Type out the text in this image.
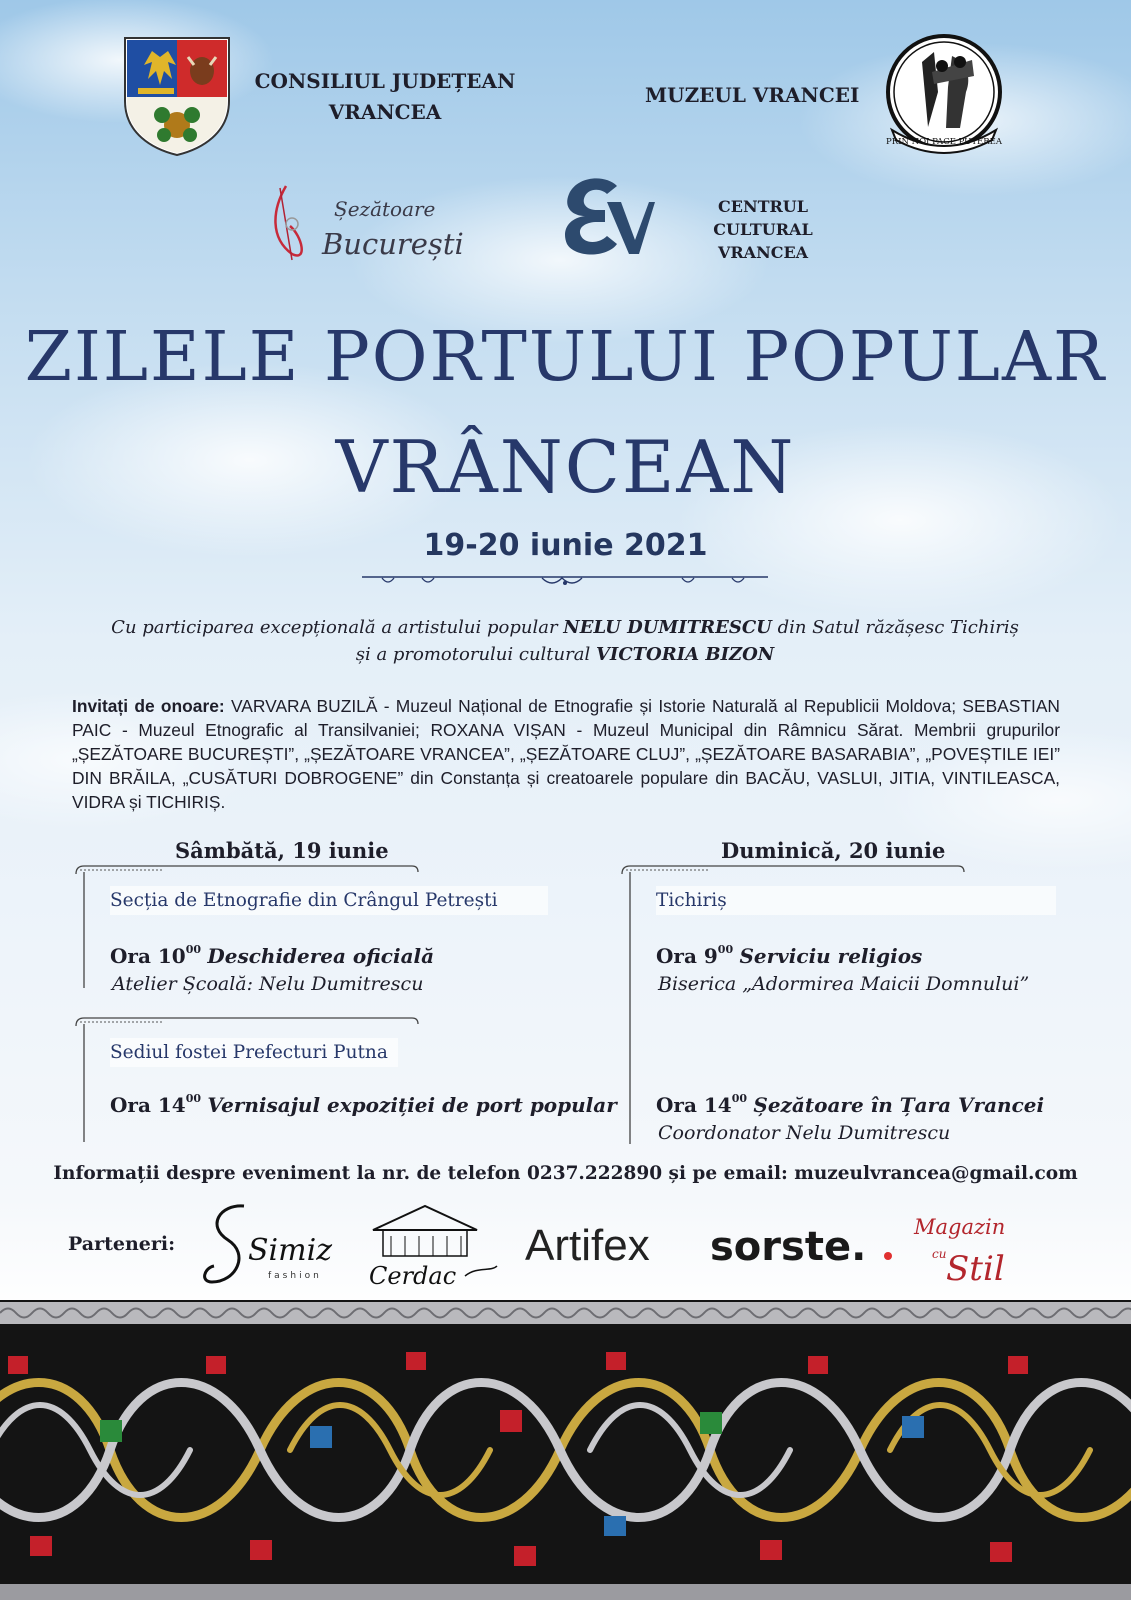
CONSILIUL JUDEȚEAN
VRANCEA
MUZEUL VRANCEI
PRIN NOI PACE PUTEREA
Șezătoare
București
CENTRUL CULTURAL
VRANCEA
ZILELE PORTULUI POPULAR
VRÂNCEAN
19-20 iunie 2021
Cu participarea excepțională a artistului popular NELU DUMITRESCU din Satul răzășesc Tichiriș
și a promotorului cultural VICTORIA BIZON
Invitați de onoare: VARVARA BUZILĂ - Muzeul Național de Etnografie și Istorie Naturală al Republicii Moldova; SEBASTIAN PAIC - Muzeul Etnografic al Transilvaniei; ROXANA VIȘAN - Muzeul Municipal din Râmnicu Sărat. Membrii grupurilor „ȘEZĂTOARE BUCUREȘTI”, „ȘEZĂTOARE VRANCEA”, „ȘEZĂTOARE CLUJ”, „ȘEZĂTOARE BASARABIA”, „POVEȘTILE IEI” DIN BRĂILA, „CUSĂTURI DOBROGENE” din Constanța și creatoarele populare din BACĂU, VASLUI, JITIA, VINTILEASCA, VIDRA și TICHIRIȘ.
Sâmbătă, 19 iunie
Secția de Etnografie din Crângul Petrești
Ora $10^{00}$ Deschiderea oficială
Atelier Școală: Nelu Dumitrescu
Sediul fostei Prefecturi Putna
Ora $14^{00}$ Vernisajul expoziției de port popular
Duminică, 20 iunie
Tichiriș
Ora $9^{00}$ Serviciu religios
Biserica „Adormirea Maicii Domnului”
Ora $14^{00}$ Șezătoare în Țara Vrancei
Coordonator Nelu Dumitrescu
Informații despre eveniment la nr. de telefon 0237.222890 și pe email: muzeulvrancea@gmail.com
Parteneri: Simiz
fashion Cerdac
Artifex sorste. Magazin
cu Stil
